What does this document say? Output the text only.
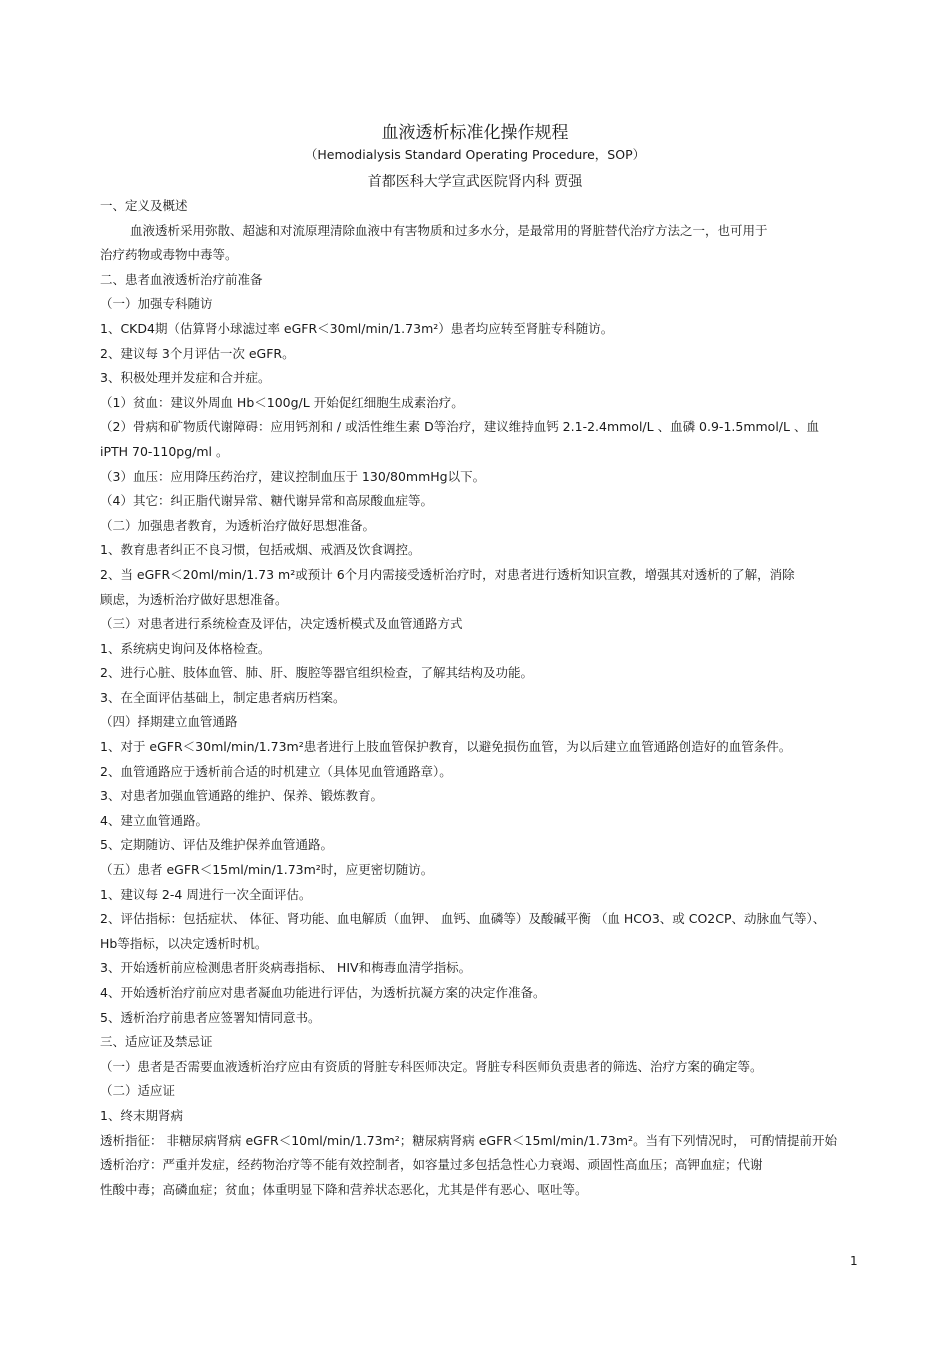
血液透析标准化操作规程
（Hemodialysis Standard Operating Procedure，SOP）
首都医科大学宣武医院肾内科 贾强
一、定义及概述
血液透析采用弥散、超滤和对流原理清除血液中有害物质和过多水分，是最常用的肾脏替代治疗方法之一，也可用于
治疗药物或毒物中毒等。
二、患者血液透析治疗前准备
（一）加强专科随访
1、CKD4期（估算肾小球滤过率 eGFR＜30ml/min/1.73m²）患者均应转至肾脏专科随访。
2、建议每 3个月评估一次 eGFR。
3、积极处理并发症和合并症。
（1）贫血：建议外周血 Hb＜100g/L 开始促红细胞生成素治疗。
（2）骨病和矿物质代谢障碍：应用钙剂和 / 或活性维生素 D等治疗，建议维持血钙 2.1-2.4mmol/L 、血磷 0.9-1.5mmol/L 、血
iPTH 70-110pg/ml 。
（3）血压：应用降压药治疗，建议控制血压于 130/80mmHg以下。
（4）其它：纠正脂代谢异常、糖代谢异常和高尿酸血症等。
（二）加强患者教育，为透析治疗做好思想准备。
1、教育患者纠正不良习惯，包括戒烟、戒酒及饮食调控。
2、当 eGFR＜20ml/min/1.73 m²或预计 6个月内需接受透析治疗时，对患者进行透析知识宣教，增强其对透析的了解，消除
顾虑，为透析治疗做好思想准备。
（三）对患者进行系统检查及评估，决定透析模式及血管通路方式
1、系统病史询问及体格检查。
2、进行心脏、肢体血管、肺、肝、腹腔等器官组织检查，了解其结构及功能。
3、在全面评估基础上，制定患者病历档案。
（四）择期建立血管通路
1、对于 eGFR＜30ml/min/1.73m²患者进行上肢血管保护教育，以避免损伤血管，为以后建立血管通路创造好的血管条件。
2、血管通路应于透析前合适的时机建立（具体见血管通路章）。
3、对患者加强血管通路的维护、保养、锻炼教育。
4、建立血管通路。
5、定期随访、评估及维护保养血管通路。
（五）患者 eGFR＜15ml/min/1.73m²时，应更密切随访。
1、建议每 2-4 周进行一次全面评估。
2、评估指标：包括症状、 体征、肾功能、血电解质（血钾、 血钙、血磷等）及酸碱平衡 （血 HCO3、或 CO2CP、动脉血气等）、
Hb等指标，以决定透析时机。
3、开始透析前应检测患者肝炎病毒指标、 HIV和梅毒血清学指标。
4、开始透析治疗前应对患者凝血功能进行评估，为透析抗凝方案的决定作准备。
5、透析治疗前患者应签署知情同意书。
三、适应证及禁忌证
（一）患者是否需要血液透析治疗应由有资质的肾脏专科医师决定。肾脏专科医师负责患者的筛选、治疗方案的确定等。
（二）适应证
1、终末期肾病
透析指征： 非糖尿病肾病 eGFR＜10ml/min/1.73m²；糖尿病肾病 eGFR＜15ml/min/1.73m²。当有下列情况时， 可酌情提前开始
透析治疗：严重并发症，经药物治疗等不能有效控制者，如容量过多包括急性心力衰竭、顽固性高血压；高钾血症；代谢
性酸中毒；高磷血症；贫血；体重明显下降和营养状态恶化，尤其是伴有恶心、呕吐等。
1
